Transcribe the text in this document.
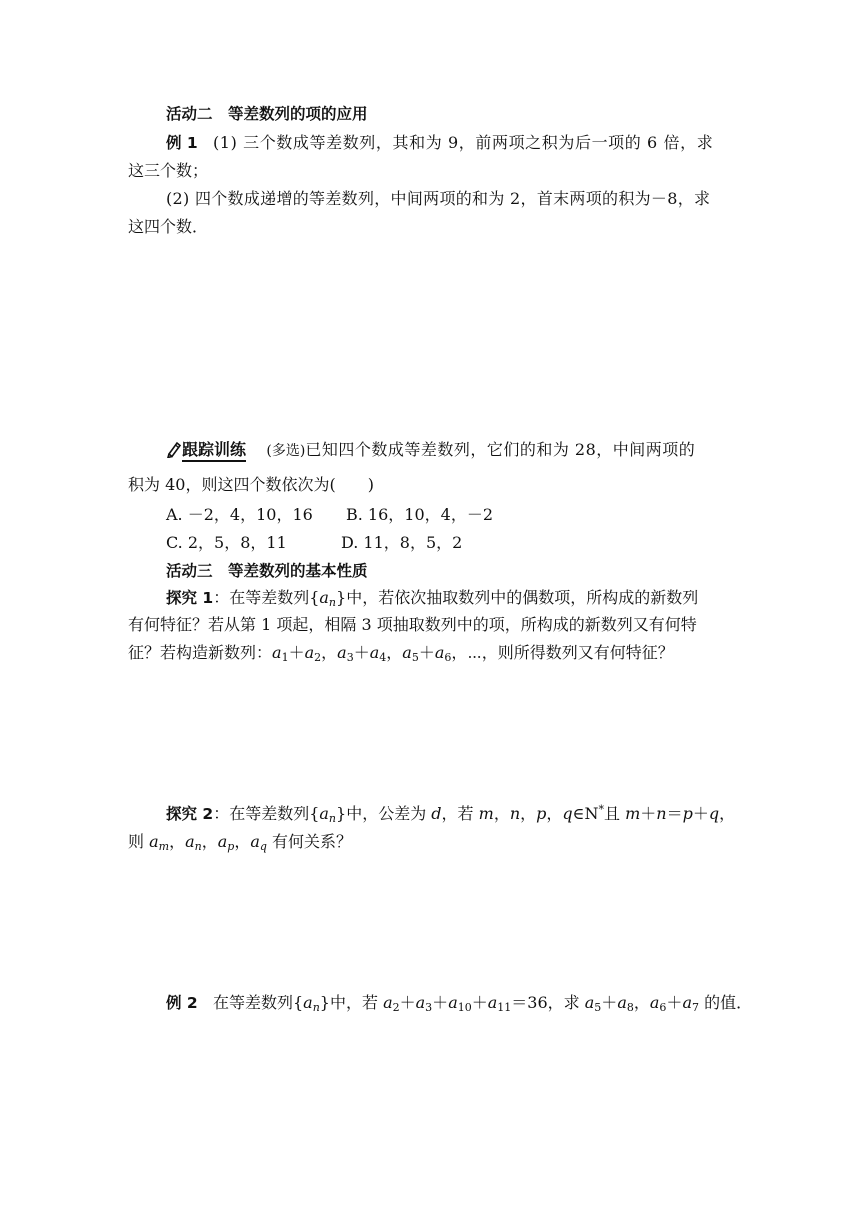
活动二　等差数列的项的应用
例 1 (1) 三个数成等差数列，其和为 9，前两项之积为后一项的 6 倍，求
这三个数；
(2) 四个数成递增的等差数列，中间两项的和为 2，首末两项的积为－8，求
这四个数．
跟踪训练 (多选)已知四个数成等差数列，它们的和为 28，中间两项的
积为 40，则这四个数依次为(　　)
A. －2，4，10，16 B. 16，10，4，－2
C. 2，5，8，11	D. 11，8，5，2
活动三　等差数列的基本性质
探究 1：在等差数列$\{a_n\}$中，若依次抽取数列中的偶数项，所构成的新数列
有何特征？若从第 1 项起，相隔 3 项抽取数列中的项，所构成的新数列又有何特
征？若构造新数列：$a_1+a_2$，$a_3+a_4$，$a_5+a_6$，⋯，则所得数列又有何特征？
探究 2：在等差数列$\{a_n\}$中，公差为 d，若 m，n，p，q∈N*且 m＋n＝p＋q，
则 $a_m$，$a_n$，$a_p$，$a_q$ 有何关系？
例 2   在等差数列$\{a_n\}$中，若 $a_2+a_3+a_{10}+a_{11}=36$，求 $a_5+a_8$，$a_6+a_7$ 的值．
